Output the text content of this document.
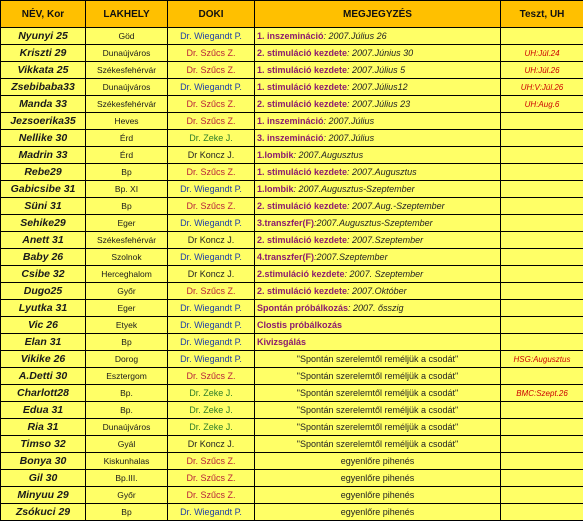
NÉV, Kor	LAKHELY	DOKI	MEGJEGYZÉS	Teszt, UH
Nyunyi 25	Göd	Dr. Wiegandt P.	1. inszemináció: 2007.Július 26	
Kriszti 29	Dunaújváros	Dr. Szűcs Z.	2. stimuláció kezdete: 2007.Június 30	UH:Júl.24
Vikkata 25	Székesfehérvár	Dr. Szűcs Z.	1. stimuláció kezdete: 2007.Július 5	UH:Júl.26
Zsebibaba33	Dunaújváros	Dr. Wiegandt P.	1. stimuláció kezdete: 2007.Július12	UH:V:Júl.26
Manda 33	Székesfehérvár	Dr. Szűcs Z.	2. stimuláció kezdete: 2007.Július 23	UH:Aug.6
Jezsoerika35	Heves	Dr. Szűcs Z.	1. inszemináció: 2007.Július	
Nellike 30	Érd	Dr. Zeke J.	3. inszemináció: 2007.Július	
Madrin 33	Érd	Dr Koncz J.	1.lombik: 2007.Augusztus	
Rebe29	Bp	Dr. Szűcs Z.	1. stimuláció kezdete: 2007.Augusztus	
Gabicsibe 31	Bp. XI	Dr. Wiegandt P.	1.lombik: 2007.Augusztus-Szeptember	
Süni 31	Bp	Dr. Szűcs Z.	2. stimuláció kezdete: 2007.Aug.-Szeptember	
Sehike29	Eger	Dr. Wiegandt P.	3.transzfer(F):2007.Augusztus-Szeptember	
Anett 31	Székesfehérvár	Dr Koncz J.	2. stimuláció kezdete: 2007.Szeptember	
Baby 26	Szolnok	Dr. Wiegandt P.	4.transzfer(F):2007.Szeptember	
Csibe 32	Herceghalom	Dr Koncz J.	2.stimuláció kezdete: 2007. Szeptember	
Dugo25	Győr	Dr. Szűcs Z.	2. stimuláció kezdete: 2007.Október	
Lyutka 31	Eger	Dr. Wiegandt P.	Spontán próbálkozás: 2007. ősszig	
Vic 26	Etyek	Dr. Wiegandt P.	Clostis próbálkozás	
Elan 31	Bp	Dr. Wiegandt P.	Kivizsgálás	
Vikike 26	Dorog	Dr. Wiegandt P.	"Spontán szerelemtől reméljük a csodát"	HSG:Augusztus
A.Detti 30	Esztergom	Dr. Szűcs Z.	"Spontán szerelemtől reméljük a csodát"	

Charlott28	Bp.	Dr. Zeke J.	"Spontán szerelemtől reméljük a csodát"	BMC:Szept.26
Edua 31	Bp.	Dr. Zeke J.	"Spontán szerelemtől reméljük a csodát"	

Ria 31	Dunaújváros	Dr. Zeke J.	"Spontán szerelemtől reméljük a csodát"	

Timso 32	Gyál	Dr Koncz J.	"Spontán szerelemtől reméljük a csodát"	

Bonya 30	Kiskunhalas	Dr. Szűcs Z.	egyenlőre pihenés	

Gil 30	Bp.III.	Dr. Szűcs Z.	egyenlőre pihenés	

Minyuu 29	Győr	Dr. Szűcs Z.	egyenlőre pihenés	

Zsókuci 29	Bp	Dr. Wiegandt P.	egyenlőre pihenés	
